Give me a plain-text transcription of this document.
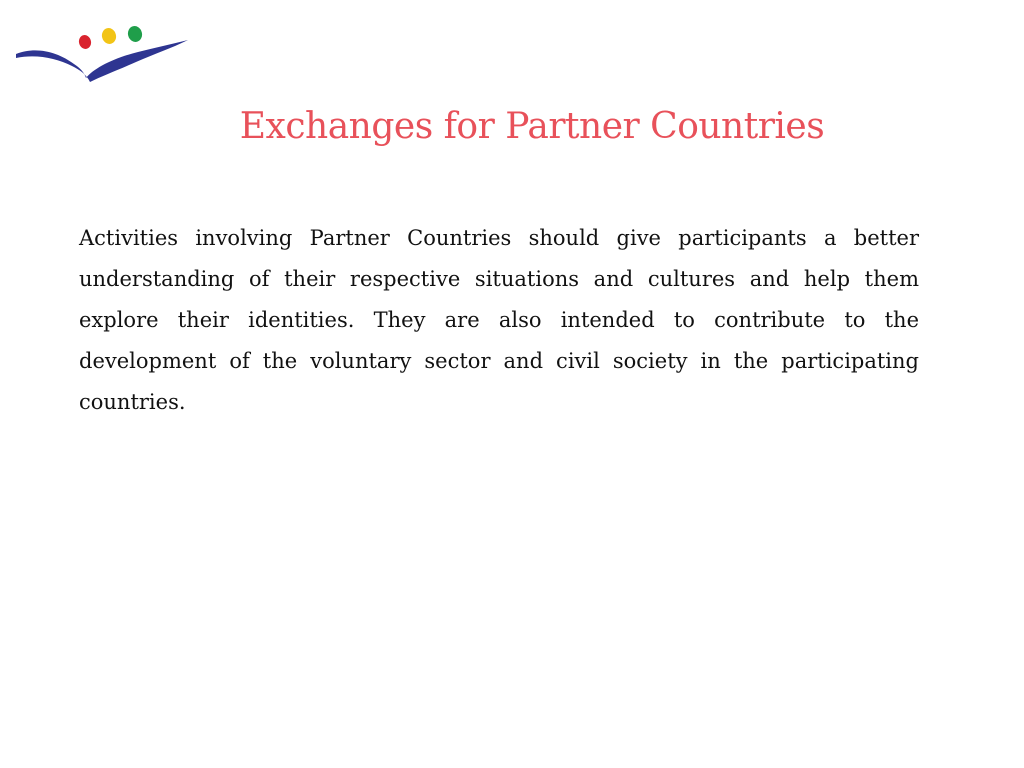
Exchanges for Partner Countries

Activities involving Partner Countries should give participants a better understanding of their respective situations and cultures and help them explore their identities. They are also intended to contribute to the development of the voluntary sector and civil society in the participating countries.
